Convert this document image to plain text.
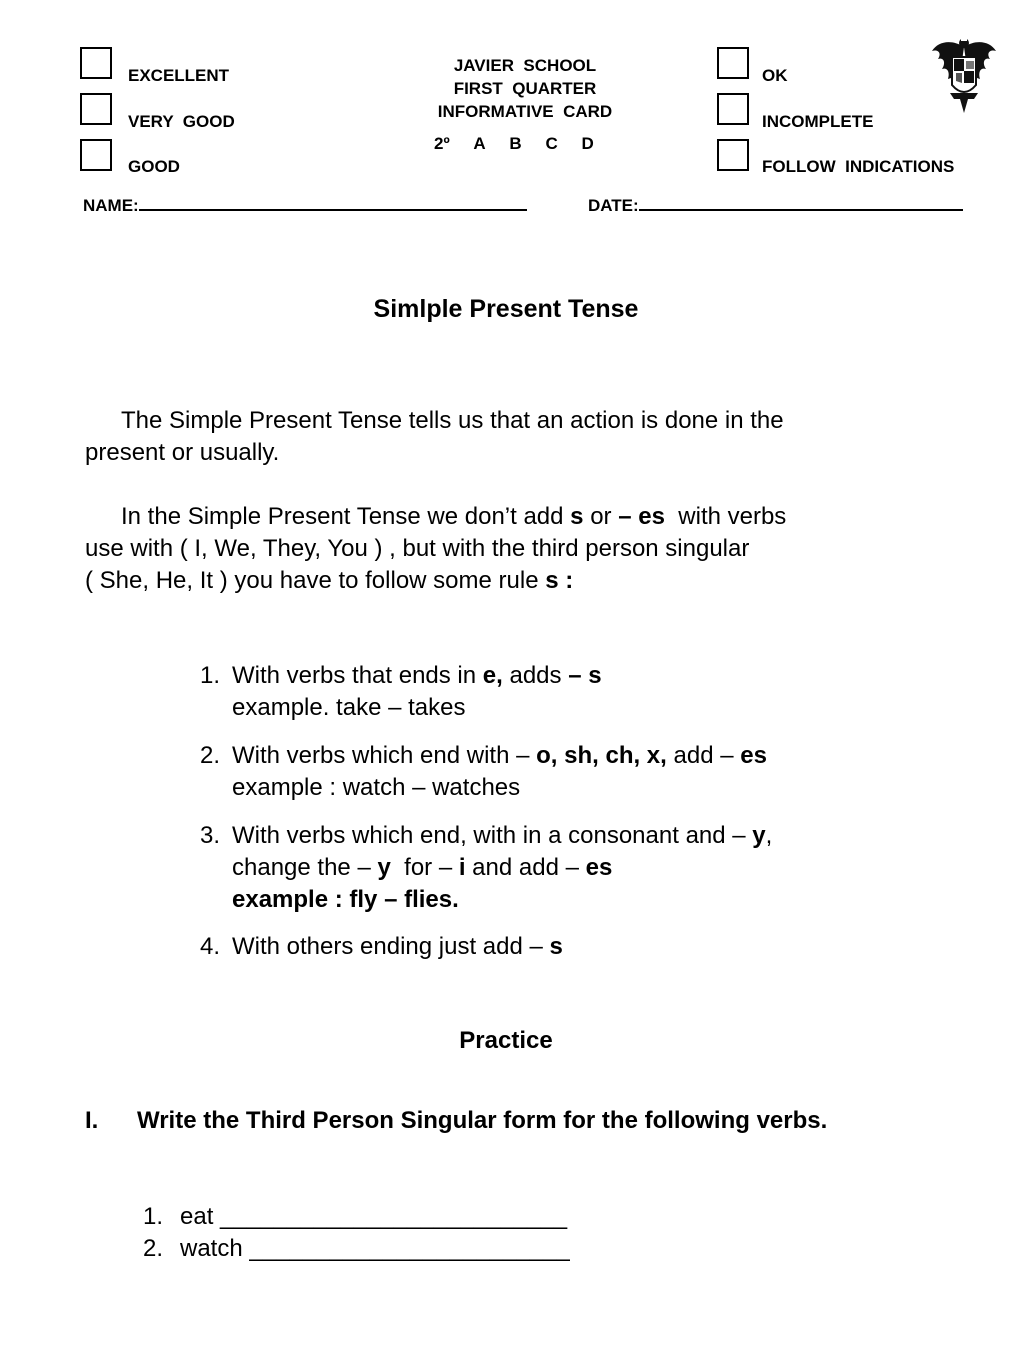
EXCELLENT
VERY  GOOD
GOOD
JAVIER  SCHOOL
FIRST  QUARTER
INFORMATIVE  CARD
2º A B C D
OK
INCOMPLETE
FOLLOW  INDICATIONS
NAME:	DATE:
Simlple Present Tense
The Simple Present Tense tells us that an action is done in the present or usually.
In the Simple Present Tense we don’t add s or – es  with verbs
use with ( I, We, They, You ) , but with the third person singular
( She, He, It ) you have to follow some rule s :
1. With verbs that ends in e, adds – s
example. take – takes
2. With verbs which end with – o, sh, ch, x, add – es
example : watch – watches
3. With verbs which end, with in a consonant and – y,
change the – y  for – i and add – es
example : fly – flies.
4. With others ending just add – s
Practice
I. Write the Third Person Singular form for the following verbs.
1. eat __________________________
2. watch ________________________
